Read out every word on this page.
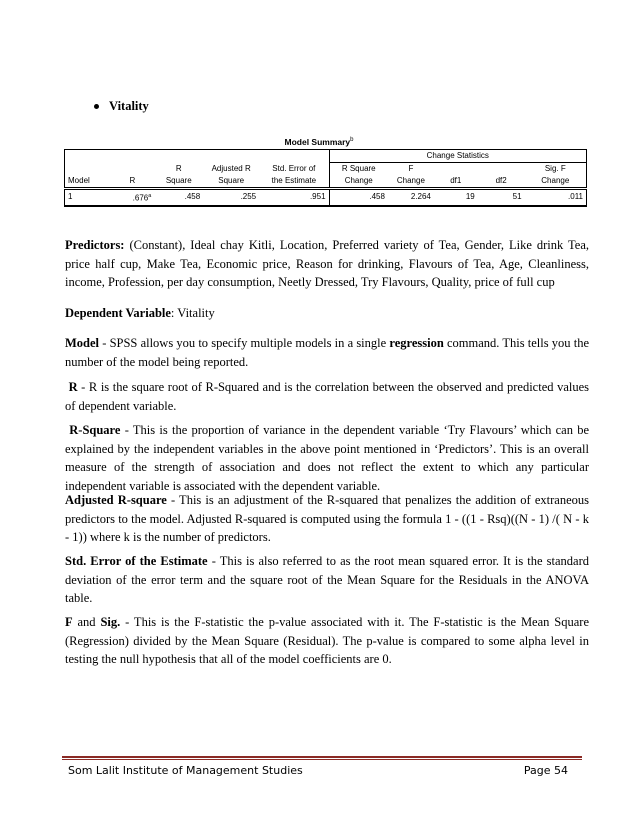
Vitality
Model Summary$^b$
					Change Statistics				
		R	Adjusted R	Std. Error of	R Square	F			Sig. F
Model	R	Square	Square	the Estimate	Change	Change	df1	df2	Change
1	.676$^a$	.458	.255	.951	.458	2.264	19	51	.011

Predictors: (Constant), Ideal chay Kitli, Location, Preferred variety of Tea, Gender, Like drink Tea, price half cup, Make Tea, Economic price, Reason for drinking, Flavours of Tea, Age, Cleanliness, income, Profession, per day consumption, Neetly Dressed, Try Flavours, Quality, price of full cup

Dependent Variable: Vitality

Model - SPSS allows you to specify multiple models in a single regression command. This tells you the number of the model being reported.

R - R is the square root of R-Squared and is the correlation between the observed and predicted values of dependent variable.

R-Square - This is the proportion of variance in the dependent variable ‘Try Flavours’ which can be explained by the independent variables in the above point mentioned in ‘Predictors’. This is an overall measure of the strength of association and does not reflect the extent to which any particular independent variable is associated with the dependent variable.

Adjusted R-square - This is an adjustment of the R-squared that penalizes the addition of extraneous predictors to the model. Adjusted R-squared is computed using the formula 1 - ((1 - Rsq)((N - 1) /( N - k - 1)) where k is the number of predictors.

Std. Error of the Estimate - This is also referred to as the root mean squared error. It is the standard deviation of the error term and the square root of the Mean Square for the Residuals in the ANOVA table.

F and Sig. - This is the F-statistic the p-value associated with it. The F-statistic is the Mean Square (Regression) divided by the Mean Square (Residual). The p-value is compared to some alpha level in testing the null hypothesis that all of the model coefficients are 0.

Som Lalit Institute of Management Studies	Page 54
